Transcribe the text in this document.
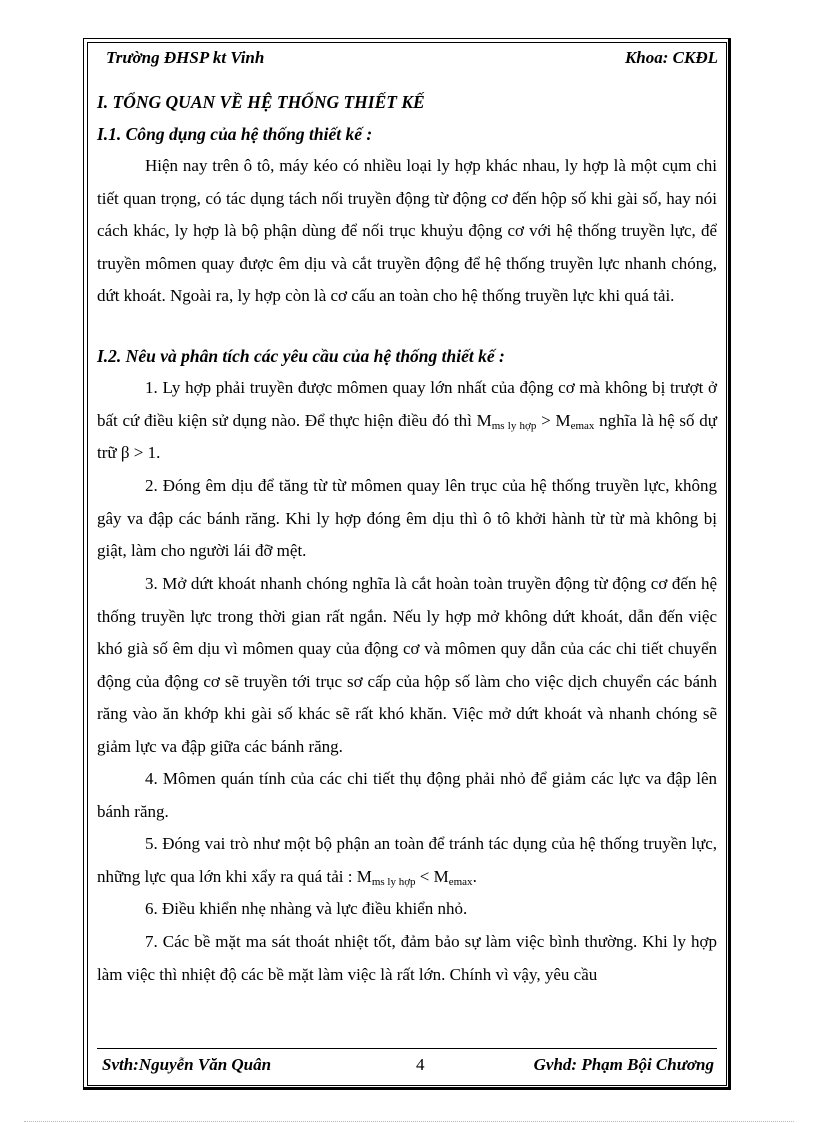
Trường ĐHSP kt Vinh	Khoa: CKĐL
I. TỔNG QUAN VỀ HỆ THỐNG THIẾT KẾ
I.1. Công dụng của hệ thống thiết kế :

Hiện nay trên ô tô, máy kéo có nhiều loại ly hợp khác nhau, ly hợp là một cụm chi tiết quan trọng, có tác dụng tách nối truyền động từ động cơ đến hộp số khi gài số, hay nói cách khác, ly hợp là bộ phận dùng để nối trục khuỷu động cơ với hệ thống truyền lực, để truyền mômen quay được êm dịu và cắt truyền động để hệ thống truyền lực nhanh chóng, dứt khoát. Ngoài ra, ly hợp còn là cơ cấu an toàn cho hệ thống truyền lực khi quá tải.

I.2. Nêu và phân tích các yêu cầu của hệ thống thiết kế :

1. Ly hợp phải truyền được mômen quay lớn nhất của động cơ mà không bị trượt ở bất cứ điều kiện sử dụng nào. Để thực hiện điều đó thì $M_{ms ly hợp} > M_{emax}$ nghĩa là hệ số dự trữ β > 1.

2. Đóng êm dịu để tăng từ từ mômen quay lên trục của hệ thống truyền lực, không gây va đập các bánh răng. Khi ly hợp đóng êm dịu thì ô tô khởi hành từ từ mà không bị giật, làm cho người lái đỡ mệt.

3. Mở dứt khoát nhanh chóng nghĩa là cắt hoàn toàn truyền động từ động cơ đến hệ thống truyền lực trong thời gian rất ngắn. Nếu ly hợp mở không dứt khoát, dẫn đến việc khó già số êm dịu vì mômen quay của động cơ và mômen quy dẫn của các chi tiết chuyển động của động cơ sẽ truyền tới trục sơ cấp của hộp số làm cho việc dịch chuyển các bánh răng vào ăn khớp khi gài số khác sẽ rất khó khăn. Việc mở dứt khoát và nhanh chóng sẽ giảm lực va đập giữa các bánh răng.

4. Mômen quán tính của các chi tiết thụ động phải nhỏ để giảm các lực va đập lên bánh răng.

5. Đóng vai trò như một bộ phận an toàn để tránh tác dụng của hệ thống truyền lực, những lực qua lớn khi xẩy ra quá tải : $M_{ms ly hợp} < M_{emax}$.

6. Điều khiển nhẹ nhàng và lực điều khiển nhỏ.

7. Các bề mặt ma sát thoát nhiệt tốt, đảm bảo sự làm việc bình thường. Khi ly hợp làm việc thì nhiệt độ các bề mặt làm việc là rất lớn. Chính vì vậy, yêu cầu

Svth:Nguyễn Văn Quân	4	Gvhd: Phạm Bội Chương
